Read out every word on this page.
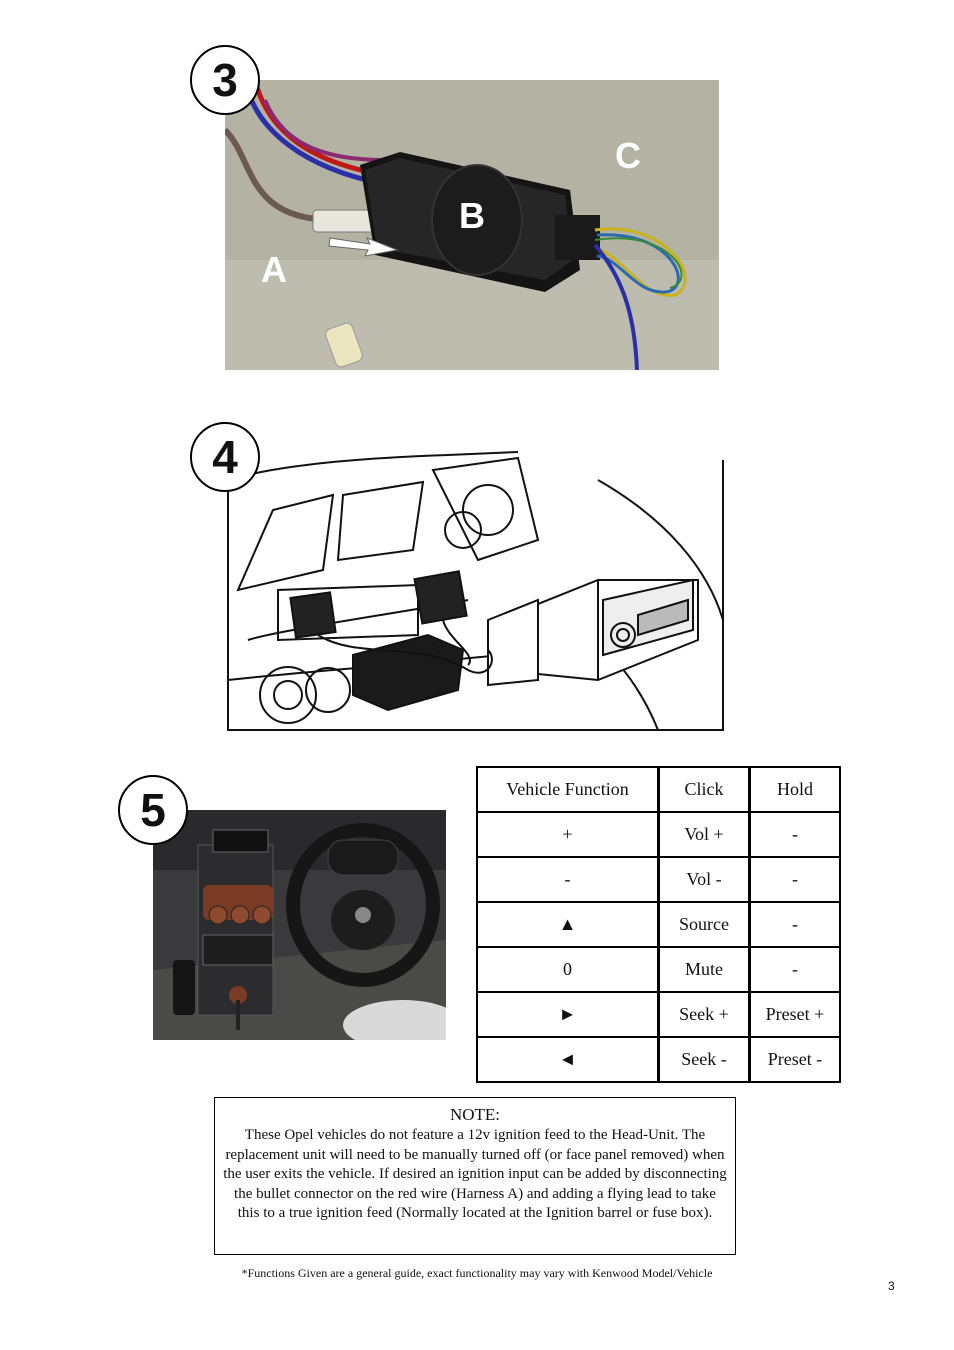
3
A
B
C
4
5	Vehicle Function	Click	Hold
+	Vol +	-
-	Vol -	-
▲	Source	-
0	Mute	-
►	Seek +	Preset +
◄	Seek -	Preset -
NOTE:
These Opel vehicles do not feature a 12v ignition feed to the Head-Unit. The replacement unit will need to be manually turned off (or face panel removed) when the user exits the vehicle. If desired an ignition input can be added by disconnecting the bullet connector on the red wire (Harness A) and adding a flying lead to take this to a true ignition feed (Normally located at the Ignition barrel or fuse box).
*Functions Given are a general guide, exact functionality may vary with Kenwood Model/Vehicle
3
